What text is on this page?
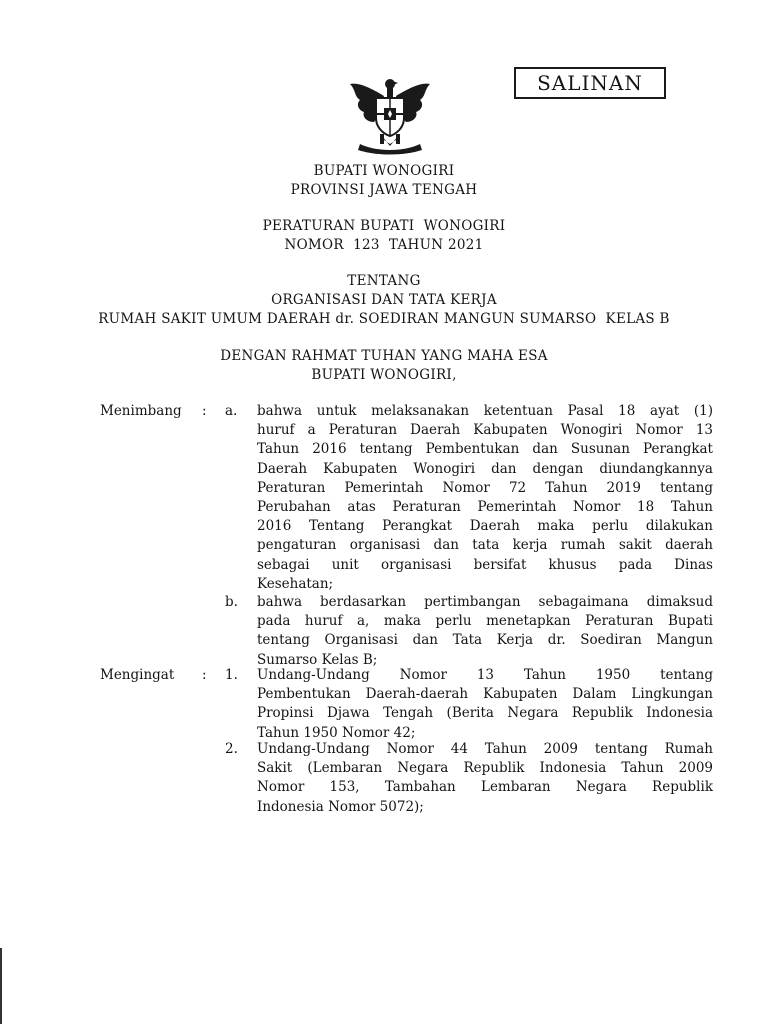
SALINAN
BUPATI WONOGIRI
PROVINSI JAWA TENGAH
PERATURAN BUPATI  WONOGIRI
NOMOR  123  TAHUN 2021
TENTANG
ORGANISASI DAN TATA KERJA
RUMAH SAKIT UMUM DAERAH dr. SOEDIRAN MANGUN SUMARSO  KELAS B
DENGAN RAHMAT TUHAN YANG MAHA ESA
BUPATI WONOGIRI,
Menimbang : a. bahwa untuk melaksanakan ketentuan Pasal 18 ayat (1)
huruf a Peraturan Daerah Kabupaten Wonogiri Nomor 13
Tahun 2016 tentang Pembentukan dan Susunan Perangkat
Daerah Kabupaten Wonogiri dan dengan diundangkannya
Peraturan Pemerintah Nomor 72 Tahun 2019 tentang
Perubahan atas Peraturan Pemerintah Nomor 18 Tahun
2016 Tentang Perangkat Daerah maka perlu dilakukan
pengaturan organisasi dan tata kerja rumah sakit daerah
sebagai unit organisasi bersifat khusus pada Dinas
Kesehatan;
b. bahwa berdasarkan pertimbangan sebagaimana dimaksud
pada huruf a, maka perlu menetapkan Peraturan Bupati
tentang Organisasi dan Tata Kerja dr. Soediran Mangun
Sumarso Kelas B;
Mengingat : 1. Undang-Undang Nomor 13 Tahun 1950 tentang
Pembentukan Daerah-daerah Kabupaten Dalam Lingkungan
Propinsi Djawa Tengah (Berita Negara Republik Indonesia
Tahun 1950 Nomor 42;
2. Undang-Undang Nomor 44 Tahun 2009 tentang Rumah
Sakit (Lembaran Negara Republik Indonesia Tahun 2009
Nomor 153, Tambahan Lembaran Negara Republik
Indonesia Nomor 5072);
